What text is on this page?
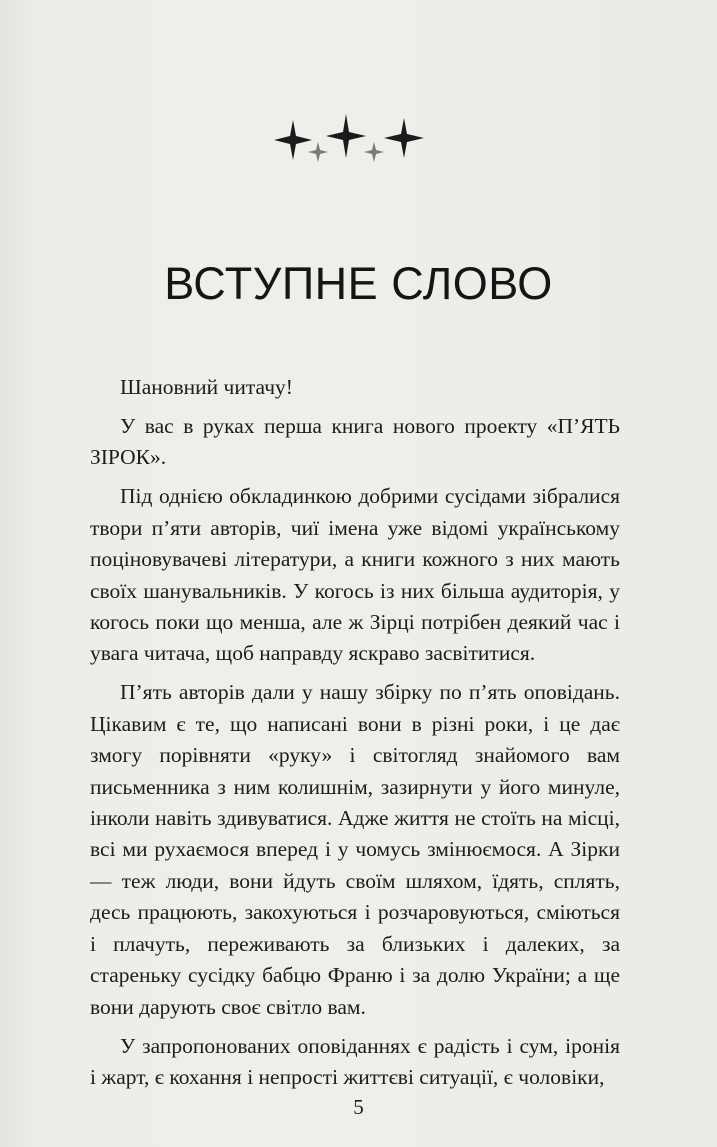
ВСТУПНЕ СЛОВО

Шановний читачу!

У вас в руках перша книга нового проекту «П’ЯТЬ ЗІРОК».

Під однією обкладинкою добрими сусідами зібралися твори п’яти авторів, чиї імена уже відомі українському поціновувачеві літератури, а книги кожного з них мають своїх шанувальників. У когось із них більша аудиторія, у когось поки що менша, але ж Зірці потрібен деякий час і увага читача, щоб направду яскраво засвітитися.

П’ять авторів дали у нашу збірку по п’ять оповідань. Цікавим є те, що написані вони в різні роки, і це дає змогу порівняти «руку» і світогляд знайомого вам письменника з ним колишнім, зазирнути у його минуле, інколи навіть здивуватися. Адже життя не стоїть на місці, всі ми рухаємося вперед і у чомусь змінюємося. А Зірки — теж люди, вони йдуть своїм шляхом, їдять, сплять, десь працюють, закохуються і розчаровуються, сміються і плачуть, переживають за близьких і далеких, за стареньку сусідку бабцю Франю і за долю України; а ще вони дарують своє світло вам.

У запропонованих оповіданнях є радість і сум, іронія і жарт, є кохання і непрості життєві ситуації, є чоловіки,

5
